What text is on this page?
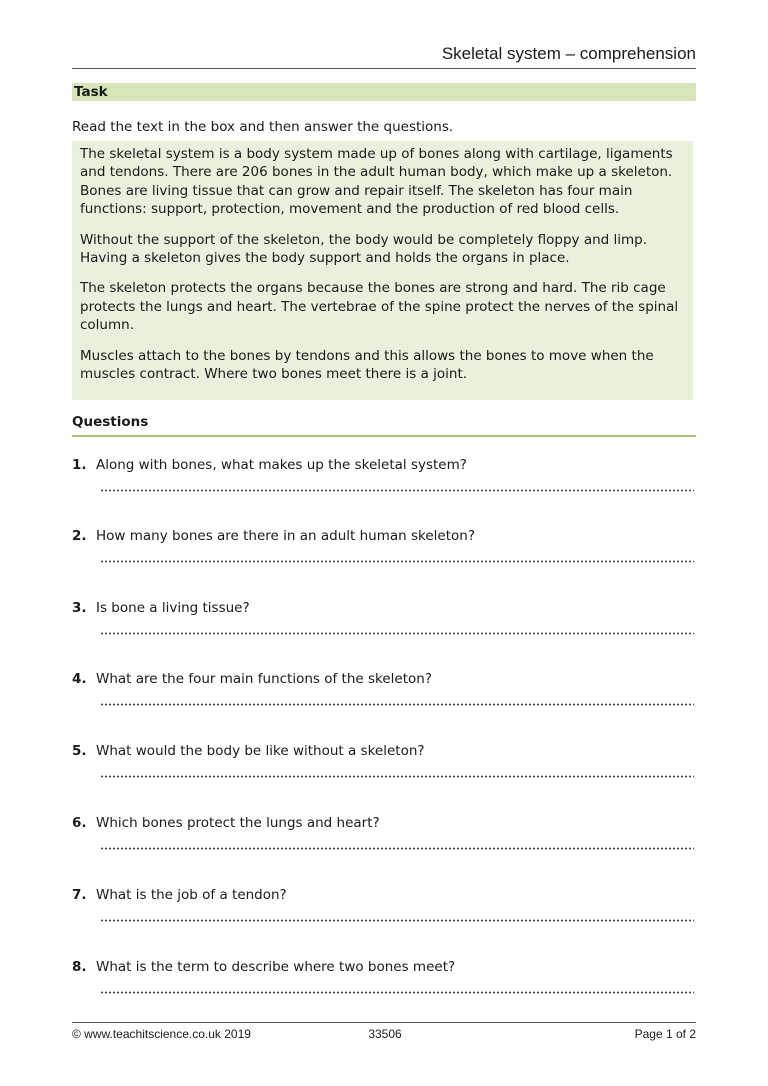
Skeletal system – comprehension
Task
Read the text in the box and then answer the questions.

The skeletal system is a body system made up of bones along with cartilage, ligaments and tendons. There are 206 bones in the adult human body, which make up a skeleton. Bones are living tissue that can grow and repair itself. The skeleton has four main functions: support, protection, movement and the production of red blood cells.

Without the support of the skeleton, the body would be completely floppy and limp. Having a skeleton gives the body support and holds the organs in place.

The skeleton protects the organs because the bones are strong and hard. The rib cage protects the lungs and heart. The vertebrae of the spine protect the nerves of the spinal column.

Muscles attach to the bones by tendons and this allows the bones to move when the muscles contract. Where two bones meet there is a joint.

Questions
1. Along with bones, what makes up the skeletal system?
2. How many bones are there in an adult human skeleton?
3. Is bone a living tissue?
4. What are the four main functions of the skeleton?
5. What would the body be like without a skeleton?
6. Which bones protect the lungs and heart?
7. What is the job of a tendon?
8. What is the term to describe where two bones meet?
© www.teachitscience.co.uk 2019	33506	Page 1 of 2
